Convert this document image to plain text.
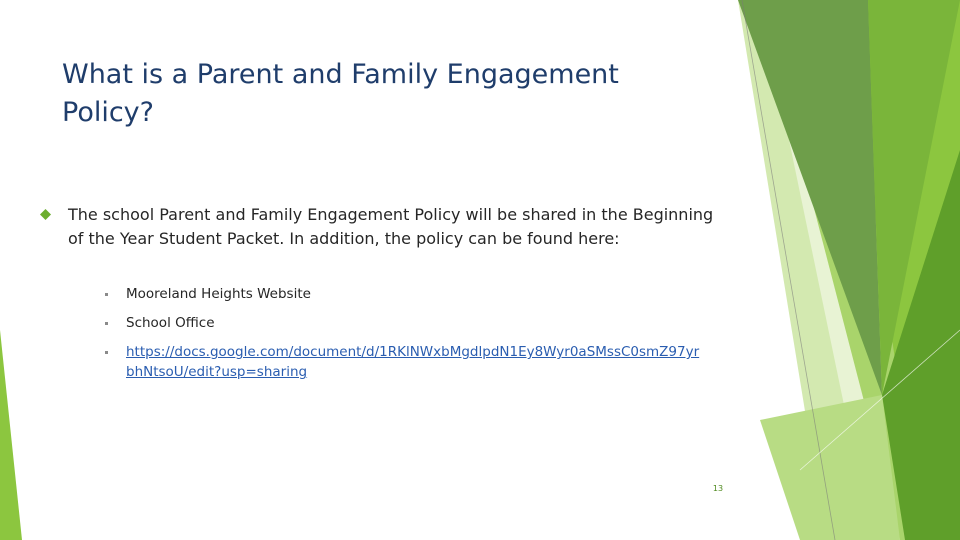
What is a Parent and Family Engagement Policy?

The school Parent and Family Engagement Policy will be shared in the Beginning of the Year Student Packet. In addition, the policy can be found here:

Mooreland Heights Website
School Office
https://docs.google.com/document/d/1RKlNWxbMgdlpdN1Ey8Wyr0aSMssC0smZ97yrbhNtsoU/edit?usp=sharing
13
